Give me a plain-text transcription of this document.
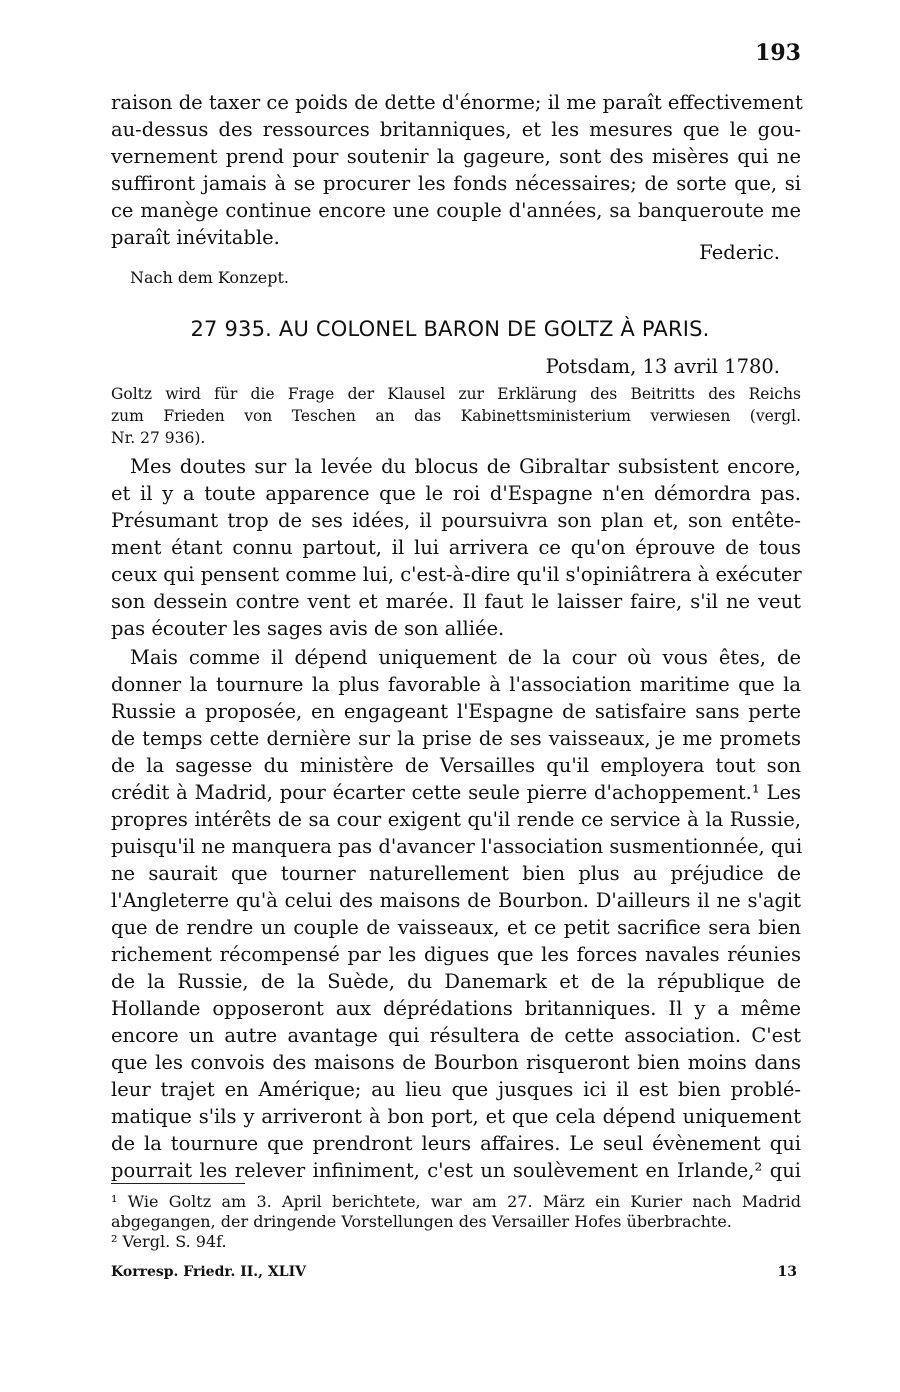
193
raison de taxer ce poids de dette d'énorme; il me paraît effectivement
au-dessus des ressources britanniques, et les mesures que le gou-
vernement prend pour soutenir la gageure, sont des misères qui ne
suffiront jamais à se procurer les fonds nécessaires; de sorte que, si
ce manège continue encore une couple d'années, sa banqueroute me
paraît inévitable.
Federic.
Nach dem Konzept.
27 935. AU COLONEL BARON DE GOLTZ À PARIS.
Potsdam, 13 avril 1780.
Goltz wird für die Frage der Klausel zur Erklärung des Beitritts des Reichs
zum Frieden von Teschen an das Kabinettsministerium verwiesen (vergl.
Nr. 27 936).
Mes doutes sur la levée du blocus de Gibraltar subsistent encore,
et il y a toute apparence que le roi d'Espagne n'en démordra pas.
Présumant trop de ses idées, il poursuivra son plan et, son entête-
ment étant connu partout, il lui arrivera ce qu'on éprouve de tous
ceux qui pensent comme lui, c'est-à-dire qu'il s'opiniâtrera à exécuter
son dessein contre vent et marée. Il faut le laisser faire, s'il ne veut
pas écouter les sages avis de son alliée.
Mais comme il dépend uniquement de la cour où vous êtes, de
donner la tournure la plus favorable à l'association maritime que la
Russie a proposée, en engageant l'Espagne de satisfaire sans perte
de temps cette dernière sur la prise de ses vaisseaux, je me promets
de la sagesse du ministère de Versailles qu'il employera tout son
crédit à Madrid, pour écarter cette seule pierre d'achoppement.¹ Les
propres intérêts de sa cour exigent qu'il rende ce service à la Russie,
puisqu'il ne manquera pas d'avancer l'association susmentionnée, qui
ne saurait que tourner naturellement bien plus au préjudice de
l'Angleterre qu'à celui des maisons de Bourbon. D'ailleurs il ne s'agit
que de rendre un couple de vaisseaux, et ce petit sacrifice sera bien
richement récompensé par les digues que les forces navales réunies
de la Russie, de la Suède, du Danemark et de la république de
Hollande opposeront aux déprédations britanniques. Il y a même
encore un autre avantage qui résultera de cette association. C'est
que les convois des maisons de Bourbon risqueront bien moins dans
leur trajet en Amérique; au lieu que jusques ici il est bien problé-
matique s'ils y arriveront à bon port, et que cela dépend uniquement
de la tournure que prendront leurs affaires. Le seul évènement qui
pourrait les relever infiniment, c'est un soulèvement en Irlande,² qui
¹ Wie Goltz am 3. April berichtete, war am 27. März ein Kurier nach Madrid
abgegangen, der dringende Vorstellungen des Versailler Hofes überbrachte.
² Vergl. S. 94f.
Korresp. Friedr. II., XLIV	13
